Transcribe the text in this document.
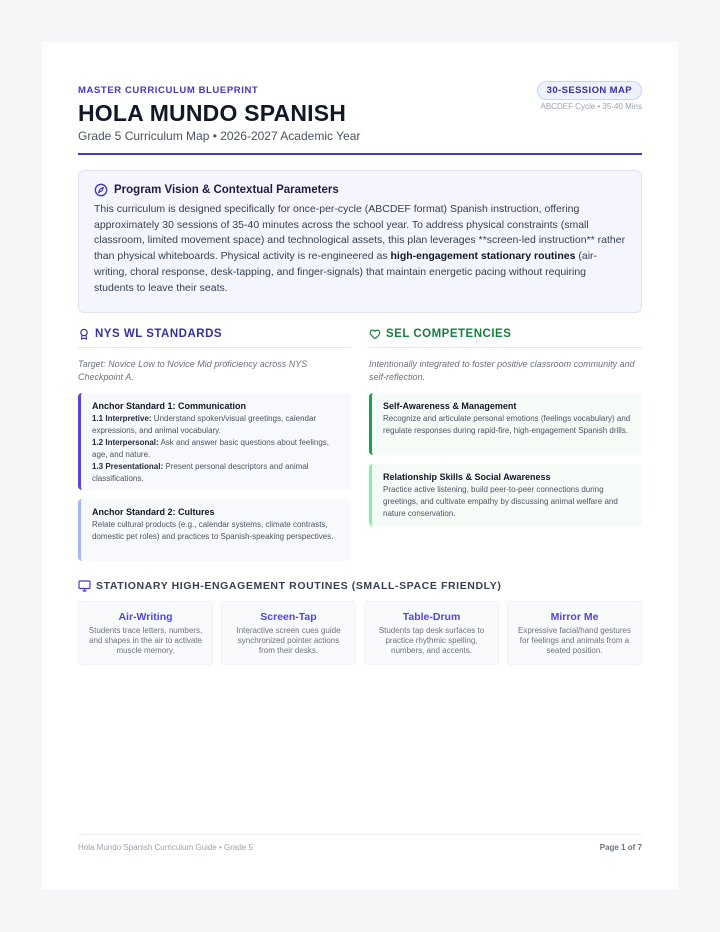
MASTER CURRICULUM BLUEPRINT
HOLA MUNDO SPANISH
Grade 5 Curriculum Map • 2026-2027 Academic Year
30-SESSION MAP
ABCDEF Cycle • 35-40 Mins
Program Vision & Contextual Parameters

This curriculum is designed specifically for once-per-cycle (ABCDEF format) Spanish instruction, offering approximately 30 sessions of 35-40 minutes across the school year. To address physical constraints (small classroom, limited movement space) and technological assets, this plan leverages **screen-led instruction** rather than physical whiteboards. Physical activity is re-engineered as high-engagement stationary routines (air-writing, choral response, desk-tapping, and finger-signals) that maintain energetic pacing without requiring students to leave their seats.

NYS WL STANDARDS
Target: Novice Low to Novice Mid proficiency across NYS Checkpoint A.
Anchor Standard 1: Communication
1.1 Interpretive: Understand spoken/visual greetings, calendar expressions, and animal vocabulary.
1.2 Interpersonal: Ask and answer basic questions about feelings, age, and nature.
1.3 Presentational: Present personal descriptors and animal classifications.
Anchor Standard 2: Cultures
Relate cultural products (e.g., calendar systems, climate contrasts, domestic pet roles) and practices to Spanish-speaking perspectives.
SEL COMPETENCIES
Intentionally integrated to foster positive classroom community and self-reflection.
Self-Awareness & Management
Recognize and articulate personal emotions (feelings vocabulary) and regulate responses during rapid-fire, high-engagement Spanish drills.
Relationship Skills & Social Awareness
Practice active listening, build peer-to-peer connections during greetings, and cultivate empathy by discussing animal welfare and nature conservation.
STATIONARY HIGH-ENGAGEMENT ROUTINES (SMALL-SPACE FRIENDLY)
Air-Writing
Students trace letters, numbers, and shapes in the air to activate muscle memory.
Screen-Tap
Interactive screen cues guide synchronized pointer actions from their desks.
Table-Drum
Students tap desk surfaces to practice rhythmic spelling, numbers, and accents.
Mirror Me
Expressive facial/hand gestures for feelings and animals from a seated position.
Hola Mundo Spanish Curriculum Guide • Grade 5	Page 1 of 7
